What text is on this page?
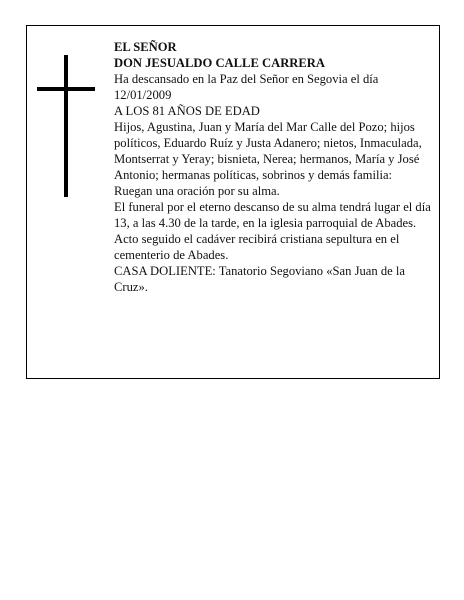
EL SEÑOR

DON JESUALDO CALLE CARRERA

Ha descansado en la Paz del Señor en Segovia el día 12/01/2009

A LOS 81 AÑOS DE EDAD

Hijos, Agustina, Juan y María del Mar Calle del Pozo; hijos políticos, Eduardo Ruíz y Justa Adanero; nietos, Inmaculada, Montserrat y Yeray; bisnieta, Nerea; hermanos, María y José Antonio; hermanas políticas, sobrinos y demás familia:

Ruegan una oración por su alma.

El funeral por el eterno descanso de su alma tendrá lugar el día 13, a las 4.30 de la tarde, en la iglesia parroquial de Abades. Acto seguido el cadáver recibirá cristiana sepultura en el cementerio de Abades.

CASA DOLIENTE: Tanatorio Segoviano «San Juan de la Cruz».
